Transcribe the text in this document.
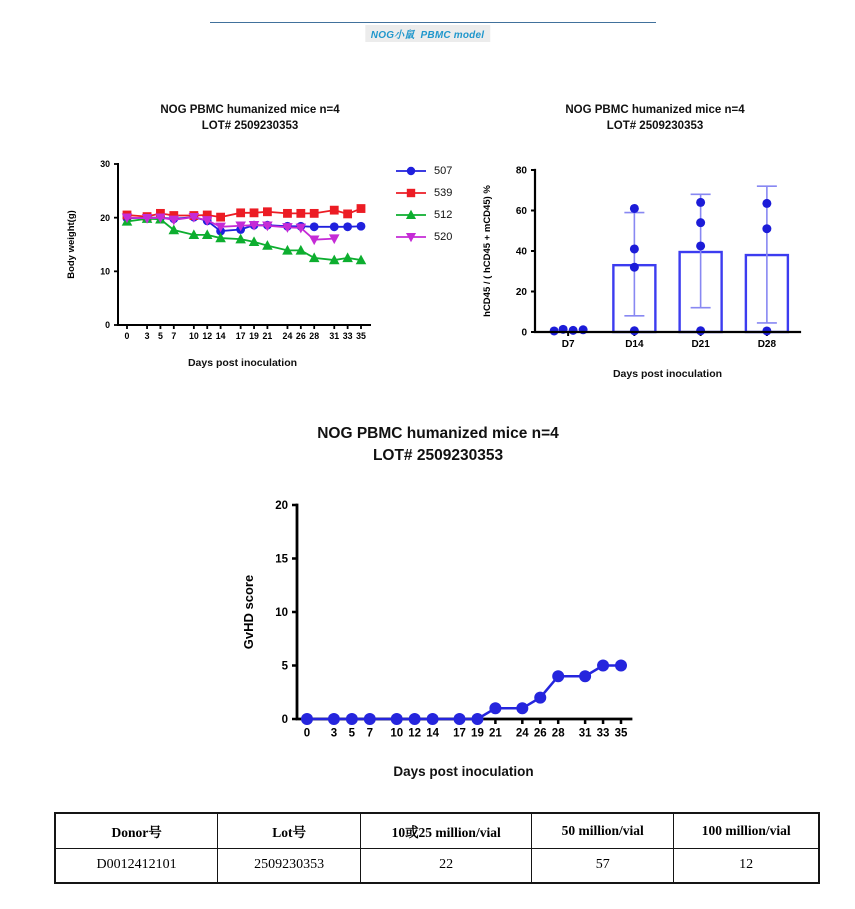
NOG小鼠  PBMC model
NOG PBMC humanized mice n=4
LOT# 2509230353
0
10
20
30
0 3 5 7 10 12 14 17 19 21 24 26 28 31 33 35
Body weight(g)
507
539
512
520
Days post inoculation
NOG PBMC humanized mice n=4
LOT# 2509230353
0
20
40
60
80
D7	D14	D21	D28
hCD45 / ( hCD45 + mCD45) %
Days post inoculation
NOG PBMC humanized mice n=4
LOT# 2509230353
0
5
10
15
20
0 3 5 7 10 12 14 17 19 21 24 26 28 31 33 35
GvHD score
Days post inoculation
Donor号	Lot号	10或25 million/vial	50 million/vial	100 million/vial
D0012412101	2509230353	22	57	12
